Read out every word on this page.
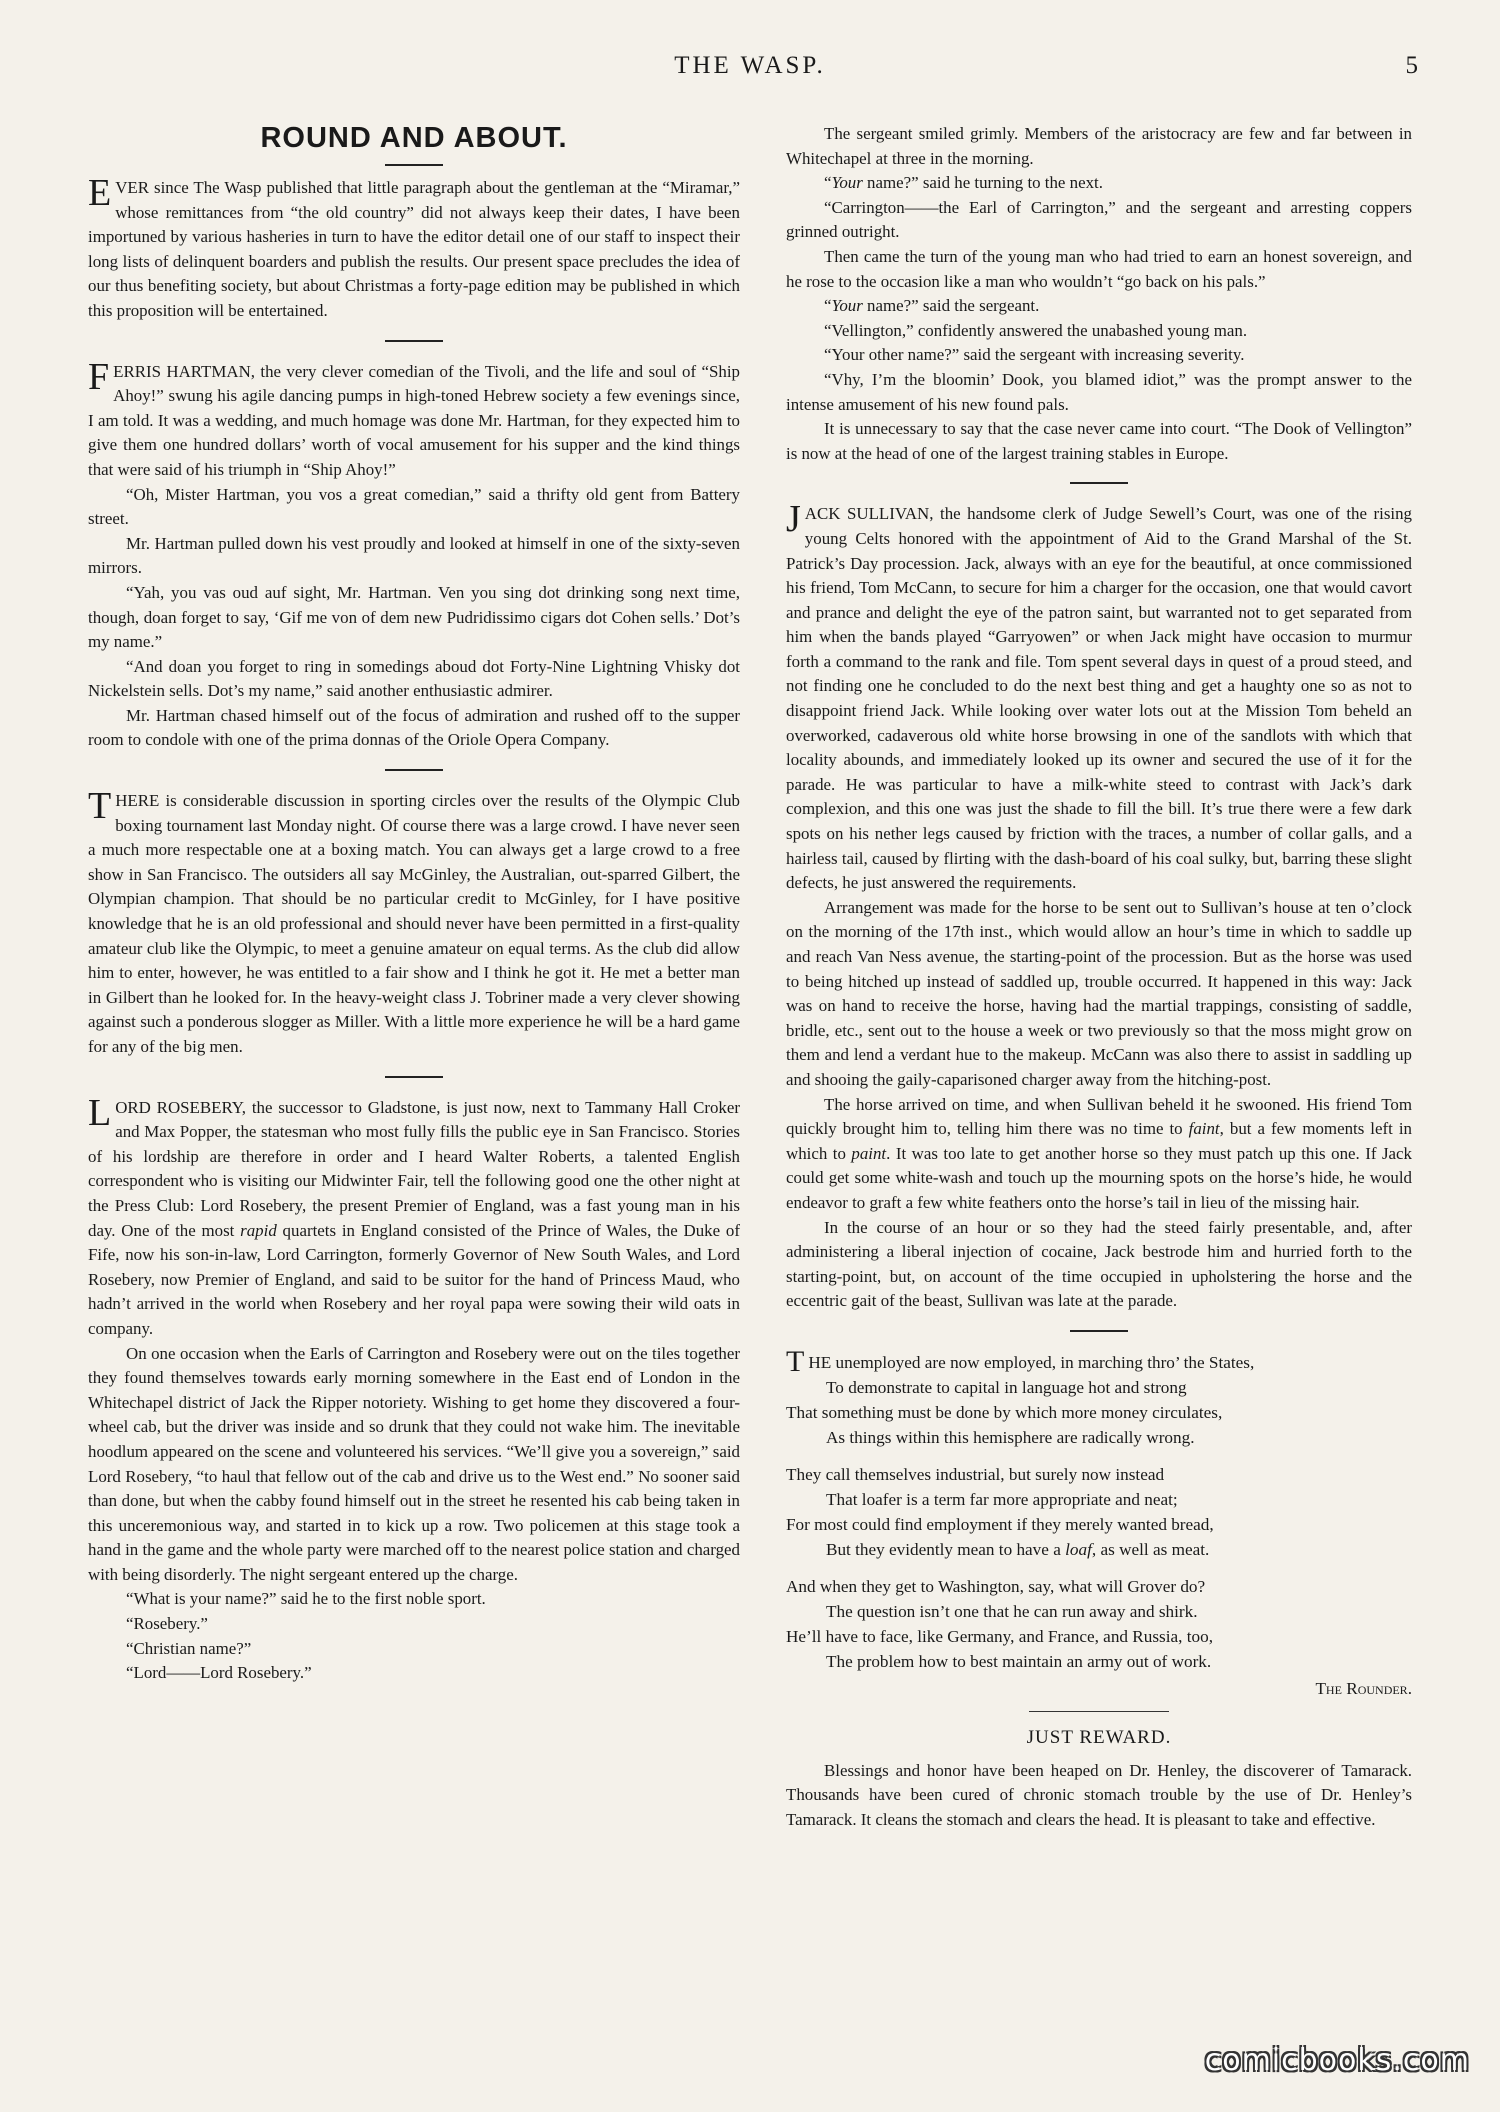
THE WASP.	5
ROUND AND ABOUT.

EVER since The Wasp published that little paragraph about the gentleman at the “Miramar,” whose remittances from “the old country” did not always keep their dates, I have been importuned by various hasheries in turn to have the editor detail one of our staff to inspect their long lists of delinquent boarders and publish the results. Our present space precludes the idea of our thus benefiting society, but about Christmas a forty-page edition may be published in which this proposition will be entertained.

FERRIS HARTMAN, the very clever comedian of the Tivoli, and the life and soul of “Ship Ahoy!” swung his agile dancing pumps in high-toned Hebrew society a few evenings since, I am told. It was a wedding, and much homage was done Mr. Hartman, for they expected him to give them one hundred dollars’ worth of vocal amusement for his supper and the kind things that were said of his triumph in “Ship Ahoy!”

“Oh, Mister Hartman, you vos a great comedian,” said a thrifty old gent from Battery street.

Mr. Hartman pulled down his vest proudly and looked at himself in one of the sixty-seven mirrors.

“Yah, you vas oud auf sight, Mr. Hartman. Ven you sing dot drinking song next time, though, doan forget to say, ‘Gif me von of dem new Pudridissimo cigars dot Cohen sells.’ Dot’s my name.”

“And doan you forget to ring in somedings aboud dot Forty-Nine Lightning Vhisky dot Nickelstein sells. Dot’s my name,” said another enthusiastic admirer.

Mr. Hartman chased himself out of the focus of admiration and rushed off to the supper room to condole with one of the prima donnas of the Oriole Opera Company.

THERE is considerable discussion in sporting circles over the results of the Olympic Club boxing tournament last Monday night. Of course there was a large crowd. I have never seen a much more respectable one at a boxing match. You can always get a large crowd to a free show in San Francisco. The outsiders all say McGinley, the Australian, out-sparred Gilbert, the Olympian champion. That should be no particular credit to McGinley, for I have positive knowledge that he is an old professional and should never have been permitted in a first-quality amateur club like the Olympic, to meet a genuine amateur on equal terms. As the club did allow him to enter, however, he was entitled to a fair show and I think he got it. He met a better man in Gilbert than he looked for. In the heavy-weight class J. Tobriner made a very clever showing against such a ponderous slogger as Miller. With a little more experience he will be a hard game for any of the big men.

LORD ROSEBERY, the successor to Gladstone, is just now, next to Tammany Hall Croker and Max Popper, the statesman who most fully fills the public eye in San Francisco. Stories of his lordship are therefore in order and I heard Walter Roberts, a talented English correspondent who is visiting our Midwinter Fair, tell the following good one the other night at the Press Club: Lord Rosebery, the present Premier of England, was a fast young man in his day. One of the most rapid quartets in England consisted of the Prince of Wales, the Duke of Fife, now his son-in-law, Lord Carrington, formerly Governor of New South Wales, and Lord Rosebery, now Premier of England, and said to be suitor for the hand of Princess Maud, who hadn’t arrived in the world when Rosebery and her royal papa were sowing their wild oats in company.

On one occasion when the Earls of Carrington and Rosebery were out on the tiles together they found themselves towards early morning somewhere in the East end of London in the Whitechapel district of Jack the Ripper notoriety. Wishing to get home they discovered a four-wheel cab, but the driver was inside and so drunk that they could not wake him. The inevitable hoodlum appeared on the scene and volunteered his services. “We’ll give you a sovereign,” said Lord Rosebery, “to haul that fellow out of the cab and drive us to the West end.” No sooner said than done, but when the cabby found himself out in the street he resented his cab being taken in this unceremonious way, and started in to kick up a row. Two policemen at this stage took a hand in the game and the whole party were marched off to the nearest police station and charged with being disorderly. The night sergeant entered up the charge.

“What is your name?” said he to the first noble sport.

“Rosebery.”

“Christian name?”

“Lord——Lord Rosebery.”

The sergeant smiled grimly. Members of the aristocracy are few and far between in Whitechapel at three in the morning.

“Your name?” said he turning to the next.

“Carrington——the Earl of Carrington,” and the sergeant and arresting coppers grinned outright.

Then came the turn of the young man who had tried to earn an honest sovereign, and he rose to the occasion like a man who wouldn’t “go back on his pals.”

“Your name?” said the sergeant.

“Vellington,” confidently answered the unabashed young man.

“Your other name?” said the sergeant with increasing severity.

“Vhy, I’m the bloomin’ Dook, you blamed idiot,” was the prompt answer to the intense amusement of his new found pals.

It is unnecessary to say that the case never came into court. “The Dook of Vellington” is now at the head of one of the largest training stables in Europe.

JACK SULLIVAN, the handsome clerk of Judge Sewell’s Court, was one of the rising young Celts honored with the appointment of Aid to the Grand Marshal of the St. Patrick’s Day procession. Jack, always with an eye for the beautiful, at once commissioned his friend, Tom McCann, to secure for him a charger for the occasion, one that would cavort and prance and delight the eye of the patron saint, but warranted not to get separated from him when the bands played “Garryowen” or when Jack might have occasion to murmur forth a command to the rank and file. Tom spent several days in quest of a proud steed, and not finding one he concluded to do the next best thing and get a haughty one so as not to disappoint friend Jack. While looking over water lots out at the Mission Tom beheld an overworked, cadaverous old white horse browsing in one of the sandlots with which that locality abounds, and immediately looked up its owner and secured the use of it for the parade. He was particular to have a milk-white steed to contrast with Jack’s dark complexion, and this one was just the shade to fill the bill. It’s true there were a few dark spots on his nether legs caused by friction with the traces, a number of collar galls, and a hairless tail, caused by flirting with the dash-board of his coal sulky, but, barring these slight defects, he just answered the requirements.

Arrangement was made for the horse to be sent out to Sullivan’s house at ten o’clock on the morning of the 17th inst., which would allow an hour’s time in which to saddle up and reach Van Ness avenue, the starting-point of the procession. But as the horse was used to being hitched up instead of saddled up, trouble occurred. It happened in this way: Jack was on hand to receive the horse, having had the martial trappings, consisting of saddle, bridle, etc., sent out to the house a week or two previously so that the moss might grow on them and lend a verdant hue to the makeup. McCann was also there to assist in saddling up and shooing the gaily-caparisoned charger away from the hitching-post.

The horse arrived on time, and when Sullivan beheld it he swooned. His friend Tom quickly brought him to, telling him there was no time to faint, but a few moments left in which to paint. It was too late to get another horse so they must patch up this one. If Jack could get some white-wash and touch up the mourning spots on the horse’s hide, he would endeavor to graft a few white feathers onto the horse’s tail in lieu of the missing hair.

In the course of an hour or so they had the steed fairly presentable, and, after administering a liberal injection of cocaine, Jack bestrode him and hurried forth to the starting-point, but, on account of the time occupied in upholstering the horse and the eccentric gait of the beast, Sullivan was late at the parade.

THE unemployed are now employed, in marching thro’ the States,
To demonstrate to capital in language hot and strong
That something must be done by which more money circulates,
As things within this hemisphere are radically wrong.
They call themselves industrial, but surely now instead
That loafer is a term far more appropriate and neat;
For most could find employment if they merely wanted bread,
But they evidently mean to have a loaf, as well as meat.
And when they get to Washington, say, what will Grover do?
The question isn’t one that he can run away and shirk.
He’ll have to face, like Germany, and France, and Russia, too,
The problem how to best maintain an army out of work.
The Rounder.
JUST REWARD.

Blessings and honor have been heaped on Dr. Henley, the discoverer of Tamarack. Thousands have been cured of chronic stomach trouble by the use of Dr. Henley’s Tamarack. It cleans the stomach and clears the head. It is pleasant to take and effective.

comicbooks.com
